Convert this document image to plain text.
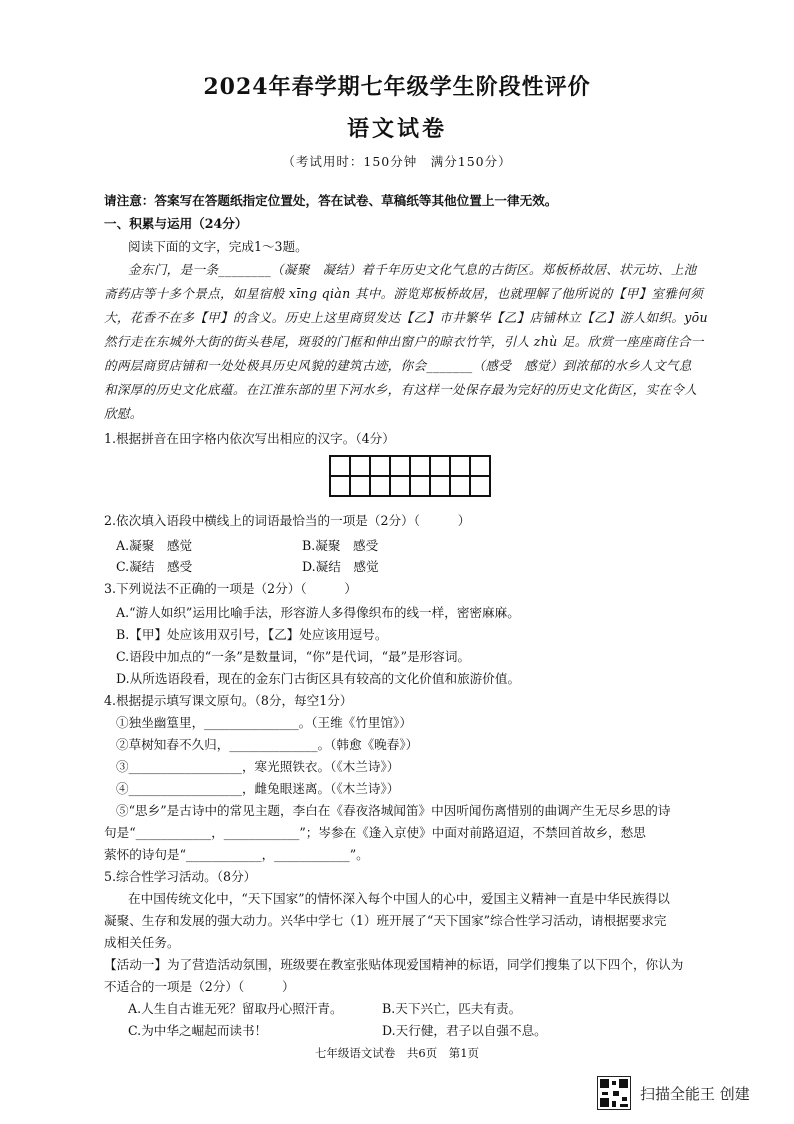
2024年春学期七年级学生阶段性评价
语文试卷
（考试用时：150分钟　满分150分）
请注意：答案写在答题纸指定位置处，答在试卷、草稿纸等其他位置上一律无效。
一、积累与运用（24分）
阅读下面的文字，完成1～3题。
金东门，是一条________（凝聚　凝结）着千年历史文化气息的古街区。郑板桥故居、状元坊、上池
斋药店等十多个景点，如星宿般 xīng qiàn 其中。游览郑板桥故居，也就理解了他所说的【甲】室雅何须
大，花香不在多【甲】的含义。历史上这里商贸发达【乙】市井繁华【乙】店铺林立【乙】游人如织。yōu
然行走在东城外大街的街头巷尾，斑驳的门框和伸出窗户的晾衣竹竿，引人 zhù 足。欣赏一座座商住合一
的两层商贸店铺和一处处极具历史风貌的建筑古迹，你会_______（感受　感觉）到浓郁的水乡人文气息
和深厚的历史文化底蕴。在江淮东部的里下河水乡，有这样一处保存最为完好的历史文化街区，实在令人
欣慰。
1.根据拼音在田字格内依次写出相应的汉字。（4分）
2.依次填入语段中横线上的词语最恰当的一项是（2分）（　　　）
A.凝聚　感觉	B.凝聚　感受
C.凝结　感受	D.凝结　感觉
3.下列说法不正确的一项是（2分）（　　　）
A.“游人如织”运用比喻手法，形容游人多得像织布的线一样，密密麻麻。
B.【甲】处应该用双引号，【乙】处应该用逗号。
C.语段中加点的“一条”是数量词，“你”是代词，“最”是形容词。
D.从所选语段看，现在的金东门古街区具有较高的文化价值和旅游价值。
4.根据提示填写课文原句。（8分，每空1分）
①独坐幽篁里，_______________。（王维《竹里馆》）
②草树知春不久归，______________。（韩愈《晚春》）
③__________________，寒光照铁衣。（《木兰诗》）
④__________________，雌兔眼迷离。（《木兰诗》）
⑤“思乡”是古诗中的常见主题，李白在《春夜洛城闻笛》中因听闻伤离惜别的曲调产生无尽乡思的诗
句是“____________，____________”；岑参在《逢入京使》中面对前路迢迢，不禁回首故乡，愁思
萦怀的诗句是“____________，____________”。
5.综合性学习活动。（8分）
在中国传统文化中，“天下国家”的情怀深入每个中国人的心中，爱国主义精神一直是中华民族得以
凝聚、生存和发展的强大动力。兴华中学七（1）班开展了“天下国家”综合性学习活动，请根据要求完
成相关任务。
【活动一】为了营造活动氛围，班级要在教室张贴体现爱国精神的标语，同学们搜集了以下四个，你认为
不适合的一项是（2分）（　　　）
A.人生自古谁无死？留取丹心照汗青。	B.天下兴亡，匹夫有责。
C.为中华之崛起而读书！	D.天行健，君子以自强不息。
七年级语文试卷　共6页　第1页
扫描全能王 创建
